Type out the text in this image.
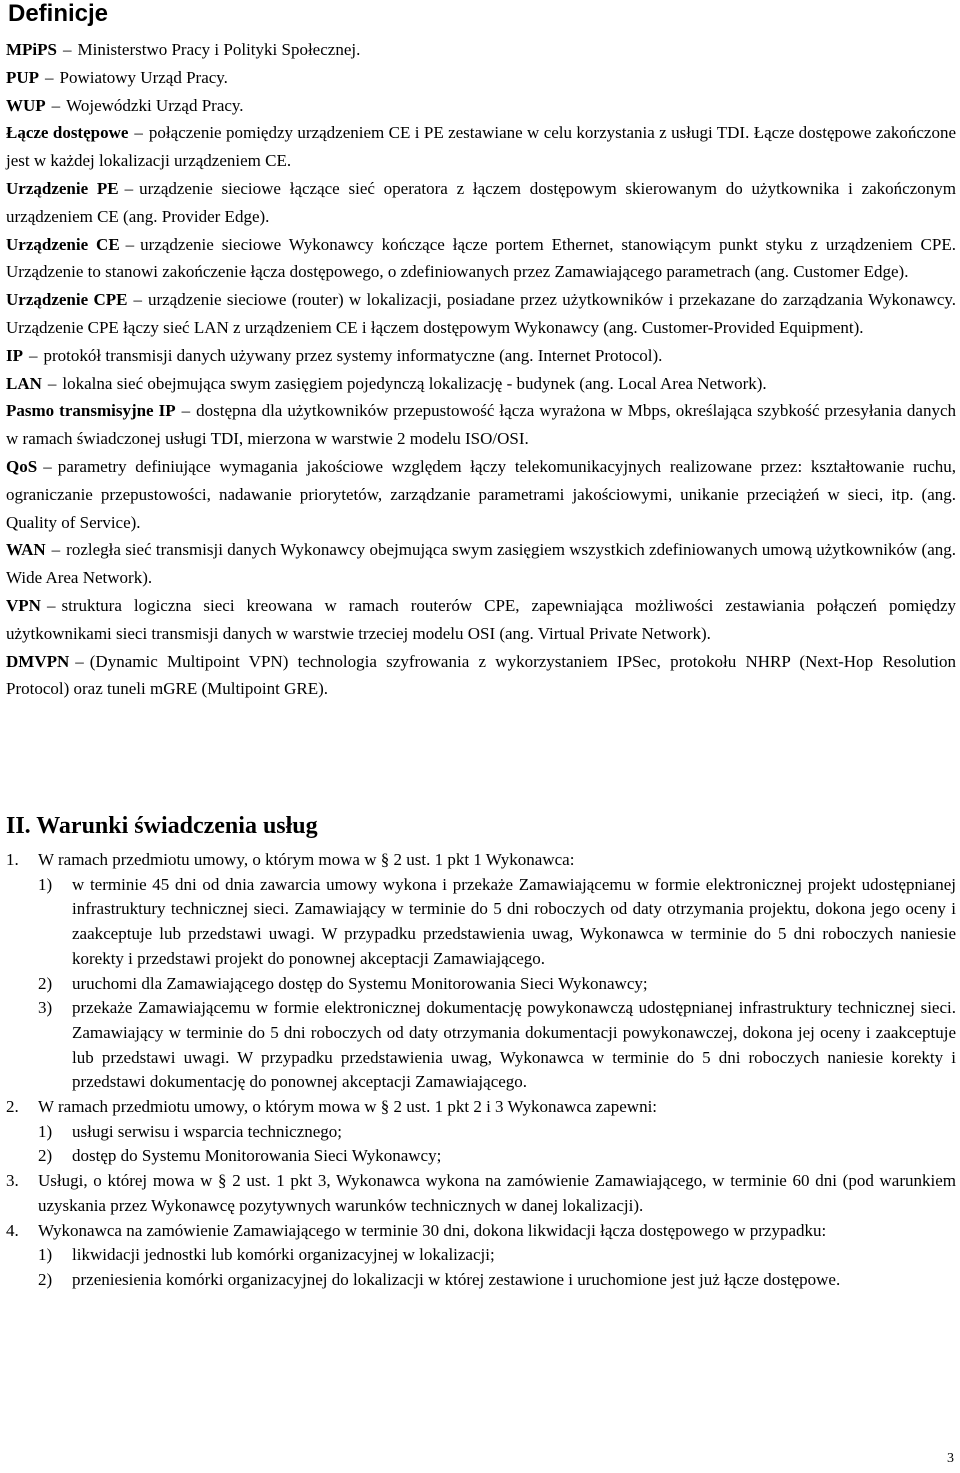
Definicje

MPiPS – Ministerstwo Pracy i Polityki Społecznej.

PUP – Powiatowy Urząd Pracy.

WUP – Wojewódzki Urząd Pracy.

Łącze dostępowe – połączenie pomiędzy urządzeniem CE i PE zestawiane w celu korzystania z usługi TDI. Łącze dostępowe zakończone jest w każdej lokalizacji urządzeniem CE.

Urządzenie PE – urządzenie sieciowe łączące sieć operatora z łączem dostępowym skierowanym do użytkownika i zakończonym urządzeniem CE (ang. Provider Edge).

Urządzenie CE – urządzenie sieciowe Wykonawcy kończące łącze portem Ethernet, stanowiącym punkt styku z urządzeniem CPE. Urządzenie to stanowi zakończenie łącza dostępowego, o zdefiniowanych przez Zamawiającego parametrach (ang. Customer Edge).

Urządzenie CPE – urządzenie sieciowe (router) w lokalizacji, posiadane przez użytkowników i przekazane do zarządzania Wykonawcy. Urządzenie CPE łączy sieć LAN z urządzeniem CE i łączem dostępowym Wykonawcy (ang. Customer-Provided Equipment).

IP – protokół transmisji danych używany przez systemy informatyczne (ang. Internet Protocol).

LAN – lokalna sieć obejmująca swym zasięgiem pojedynczą lokalizację - budynek (ang. Local Area Network).

Pasmo transmisyjne IP – dostępna dla użytkowników przepustowość łącza wyrażona w Mbps, określająca szybkość przesyłania danych w ramach świadczonej usługi TDI, mierzona w warstwie 2 modelu ISO/OSI.

QoS – parametry definiujące wymagania jakościowe względem łączy telekomunikacyjnych realizowane przez: kształtowanie ruchu, ograniczanie przepustowości, nadawanie priorytetów, zarządzanie parametrami jakościowymi, unikanie przeciążeń w sieci, itp. (ang. Quality of Service).

WAN – rozległa sieć transmisji danych Wykonawcy obejmująca swym zasięgiem wszystkich zdefiniowanych umową użytkowników (ang. Wide Area Network).

VPN – struktura logiczna sieci kreowana w ramach routerów CPE, zapewniająca możliwości zestawiania połączeń pomiędzy użytkownikami sieci transmisji danych w warstwie trzeciej modelu OSI (ang. Virtual Private Network).

DMVPN – (Dynamic Multipoint VPN) technologia szyfrowania z wykorzystaniem IPSec, protokołu NHRP (Next-Hop Resolution Protocol) oraz tuneli mGRE (Multipoint GRE).

II. Warunki świadczenia usług
1.	W ramach przedmiotu umowy, o którym mowa w § 2 ust. 1 pkt 1 Wykonawca:
1)	w terminie 45 dni od dnia zawarcia umowy wykona i przekaże Zamawiającemu w formie elektronicznej projekt udostępnianej infrastruktury technicznej sieci. Zamawiający w terminie do 5 dni roboczych od daty otrzymania projektu, dokona jego oceny i zaakceptuje lub przedstawi uwagi. W przypadku przedstawienia uwag, Wykonawca w terminie do 5 dni roboczych naniesie korekty i przedstawi projekt do ponownej akceptacji Zamawiającego.
2)	uruchomi dla Zamawiającego dostęp do Systemu Monitorowania Sieci Wykonawcy;
3)	przekaże Zamawiającemu w formie elektronicznej dokumentację powykonawczą udostępnianej infrastruktury technicznej sieci. Zamawiający w terminie do 5 dni roboczych od daty otrzymania dokumentacji powykonawczej, dokona jej oceny i zaakceptuje lub przedstawi uwagi. W przypadku przedstawienia uwag, Wykonawca w terminie do 5 dni roboczych naniesie korekty i przedstawi dokumentację do ponownej akceptacji Zamawiającego.
2.	W ramach przedmiotu umowy, o którym mowa w § 2 ust. 1 pkt 2 i 3 Wykonawca zapewni:
1)	usługi serwisu i wsparcia technicznego;
2)	dostęp do Systemu Monitorowania Sieci Wykonawcy;
3.	Usługi, o której mowa w § 2 ust. 1 pkt 3, Wykonawca wykona na zamówienie Zamawiającego, w terminie 60 dni (pod warunkiem uzyskania przez Wykonawcę pozytywnych warunków technicznych w danej lokalizacji).
4.	Wykonawca na zamówienie Zamawiającego w terminie 30 dni, dokona likwidacji łącza dostępowego w przypadku:
1)	likwidacji jednostki lub komórki organizacyjnej w lokalizacji;
2)	przeniesienia komórki organizacyjnej do lokalizacji w której zestawione i uruchomione jest już łącze dostępowe.
3
